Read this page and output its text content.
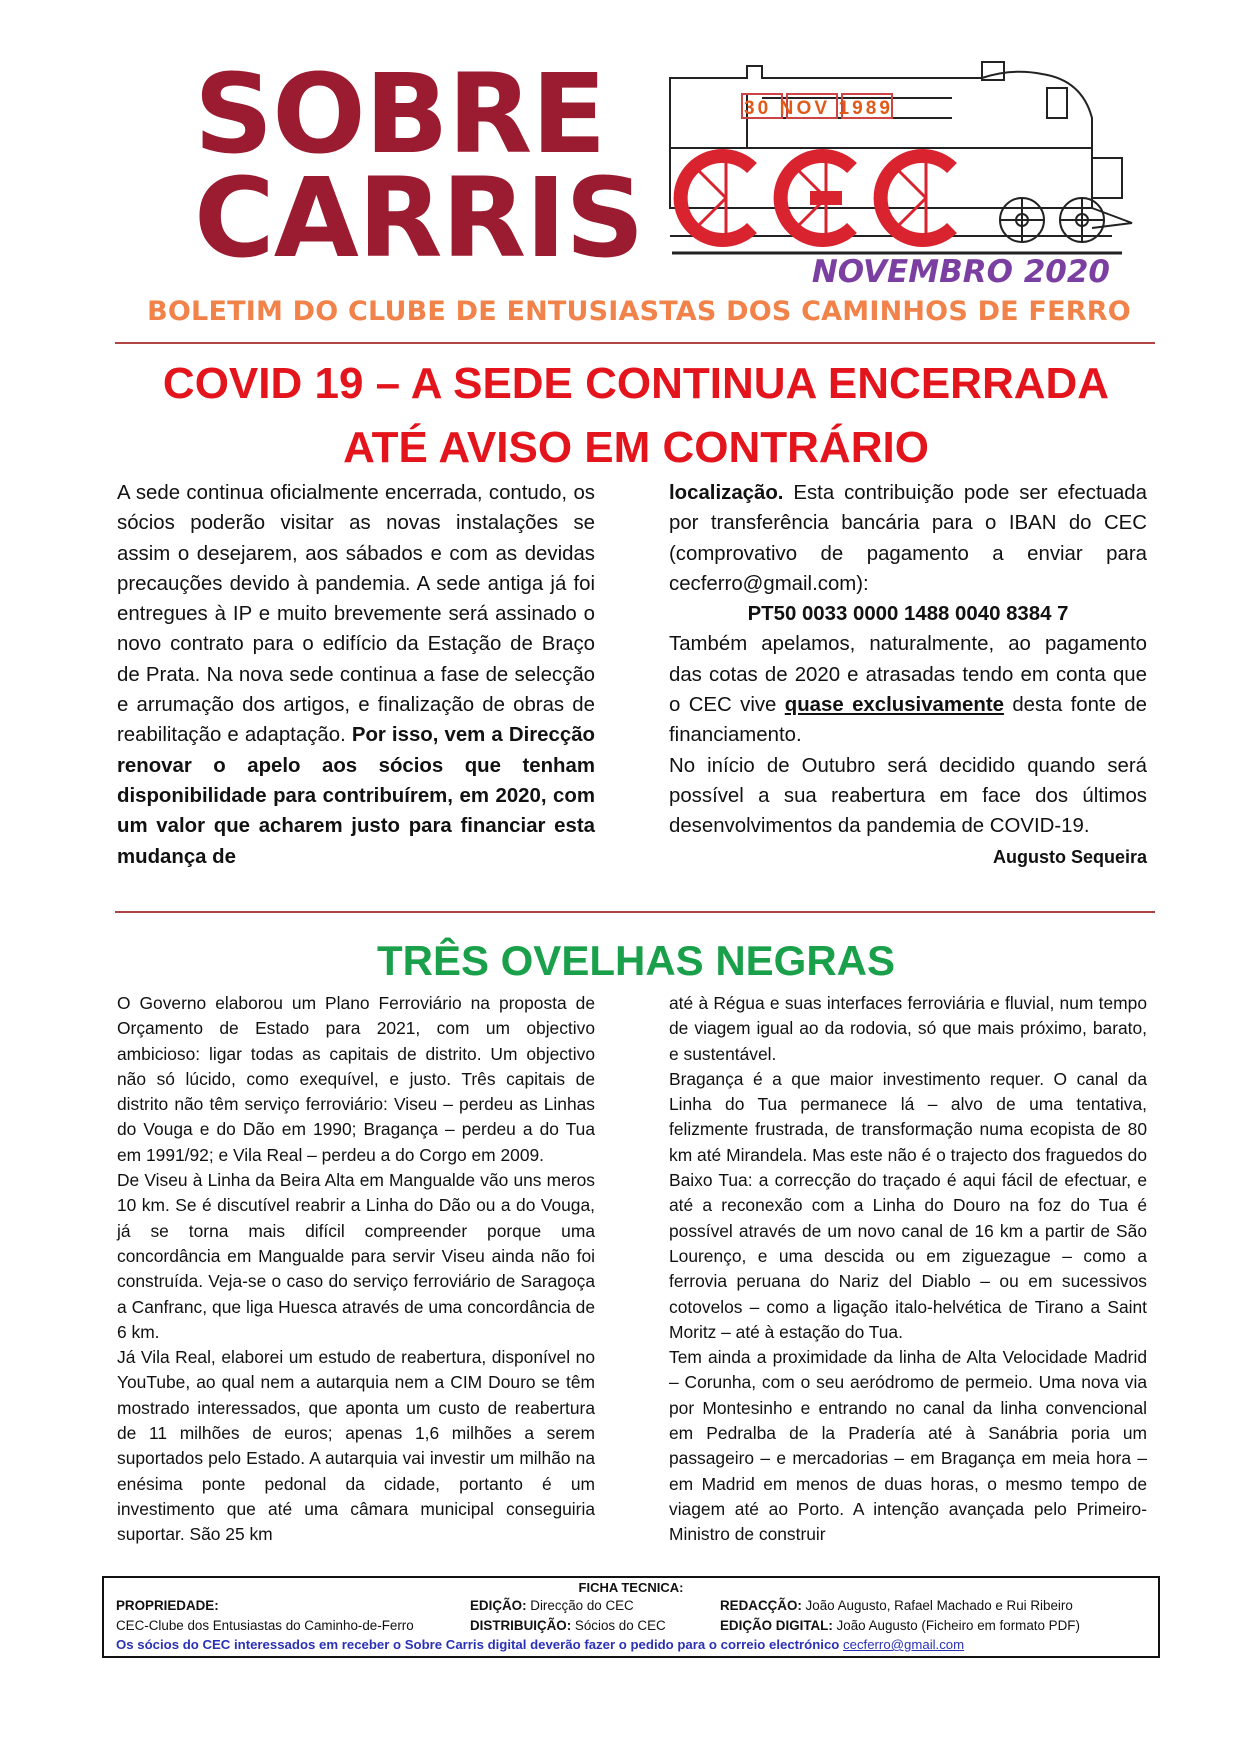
SOBRE
CARRIS
30 NOV 1989
CEC
NOVEMBRO 2020
BOLETIM DO CLUBE DE ENTUSIASTAS DOS CAMINHOS DE FERRO
COVID 19 – A SEDE CONTINUA ENCERRADA
ATÉ AVISO EM CONTRÁRIO

A sede continua oficialmente encerrada, contudo, os sócios poderão visitar as novas instalações se assim o desejarem, aos sábados e com as devidas precauções devido à pandemia. A sede antiga já foi entregues à IP e muito brevemente será assinado o novo contrato para o edifício da Estação de Braço de Prata. Na nova sede continua a fase de selecção e arrumação dos artigos, e finalização de obras de reabilitação e adaptação. Por isso, vem a Direcção renovar o apelo aos sócios que tenham disponibilidade para contribuírem, em 2020, com um valor que acharem justo para financiar esta mudança de

localização. Esta contribuição pode ser efectuada por transferência bancária para o IBAN do CEC (comprovativo de pagamento a enviar para cecferro@gmail.com):

PT50 0033 0000 1488 0040 8384 7

Também apelamos, naturalmente, ao pagamento das cotas de 2020 e atrasadas tendo em conta que o CEC vive quase exclusivamente desta fonte de financiamento.

No início de Outubro será decidido quando será possível a sua reabertura em face dos últimos desenvolvimentos da pandemia de COVID-19.

Augusto Sequeira

TRÊS OVELHAS NEGRAS

O Governo elaborou um Plano Ferroviário na proposta de Orçamento de Estado para 2021, com um objectivo ambicioso: ligar todas as capitais de distrito. Um objectivo não só lúcido, como exequível, e justo. Três capitais de distrito não têm serviço ferroviário: Viseu – perdeu as Linhas do Vouga e do Dão em 1990; Bragança – perdeu a do Tua em 1991/92; e Vila Real – perdeu a do Corgo em 2009.

De Viseu à Linha da Beira Alta em Mangualde vão uns meros 10 km. Se é discutível reabrir a Linha do Dão ou a do Vouga, já se torna mais difícil compreender porque uma concordância em Mangualde para servir Viseu ainda não foi construída. Veja-se o caso do serviço ferroviário de Saragoça a Canfranc, que liga Huesca através de uma concordância de 6 km.

Já Vila Real, elaborei um estudo de reabertura, disponível no YouTube, ao qual nem a autarquia nem a CIM Douro se têm mostrado interessados, que aponta um custo de reabertura de 11 milhões de euros; apenas 1,6 milhões a serem suportados pelo Estado. A autarquia vai investir um milhão na enésima ponte pedonal da cidade, portanto é um investimento que até uma câmara municipal conseguiria suportar. São 25 km

até à Régua e suas interfaces ferroviária e fluvial, num tempo de viagem igual ao da rodovia, só que mais próximo, barato, e sustentável.

Bragança é a que maior investimento requer. O canal da Linha do Tua permanece lá – alvo de uma tentativa, felizmente frustrada, de transformação numa ecopista de 80 km até Mirandela. Mas este não é o trajecto dos fraguedos do Baixo Tua: a correcção do traçado é aqui fácil de efectuar, e até a reconexão com a Linha do Douro na foz do Tua é possível através de um novo canal de 16 km a partir de São Lourenço, e uma descida ou em ziguezague – como a ferrovia peruana do Nariz del Diablo – ou em sucessivos cotovelos – como a ligação italo-helvética de Tirano a Saint Moritz – até à estação do Tua.

Tem ainda a proximidade da linha de Alta Velocidade Madrid – Corunha, com o seu aeródromo de permeio. Uma nova via por Montesinho e entrando no canal da linha convencional em Pedralba de la Pradería até à Sanábria poria um passageiro – e mercadorias – em Bragança em meia hora – em Madrid em menos de duas horas, o mesmo tempo de viagem até ao Porto. A intenção avançada pelo Primeiro-Ministro de construir

FICHA TECNICA:
PROPRIEDADE:
CEC-Clube dos Entusiastas do Caminho-de-Ferro
EDIÇÃO: Direcção do CEC
DISTRIBUIÇÃO: Sócios do CEC
REDACÇÃO: João Augusto, Rafael Machado e Rui Ribeiro
EDIÇÃO DIGITAL: João Augusto (Ficheiro em formato PDF)
Os sócios do CEC interessados em receber o Sobre Carris digital deverão fazer o pedido para o correio electrónico cecferro@gmail.com
